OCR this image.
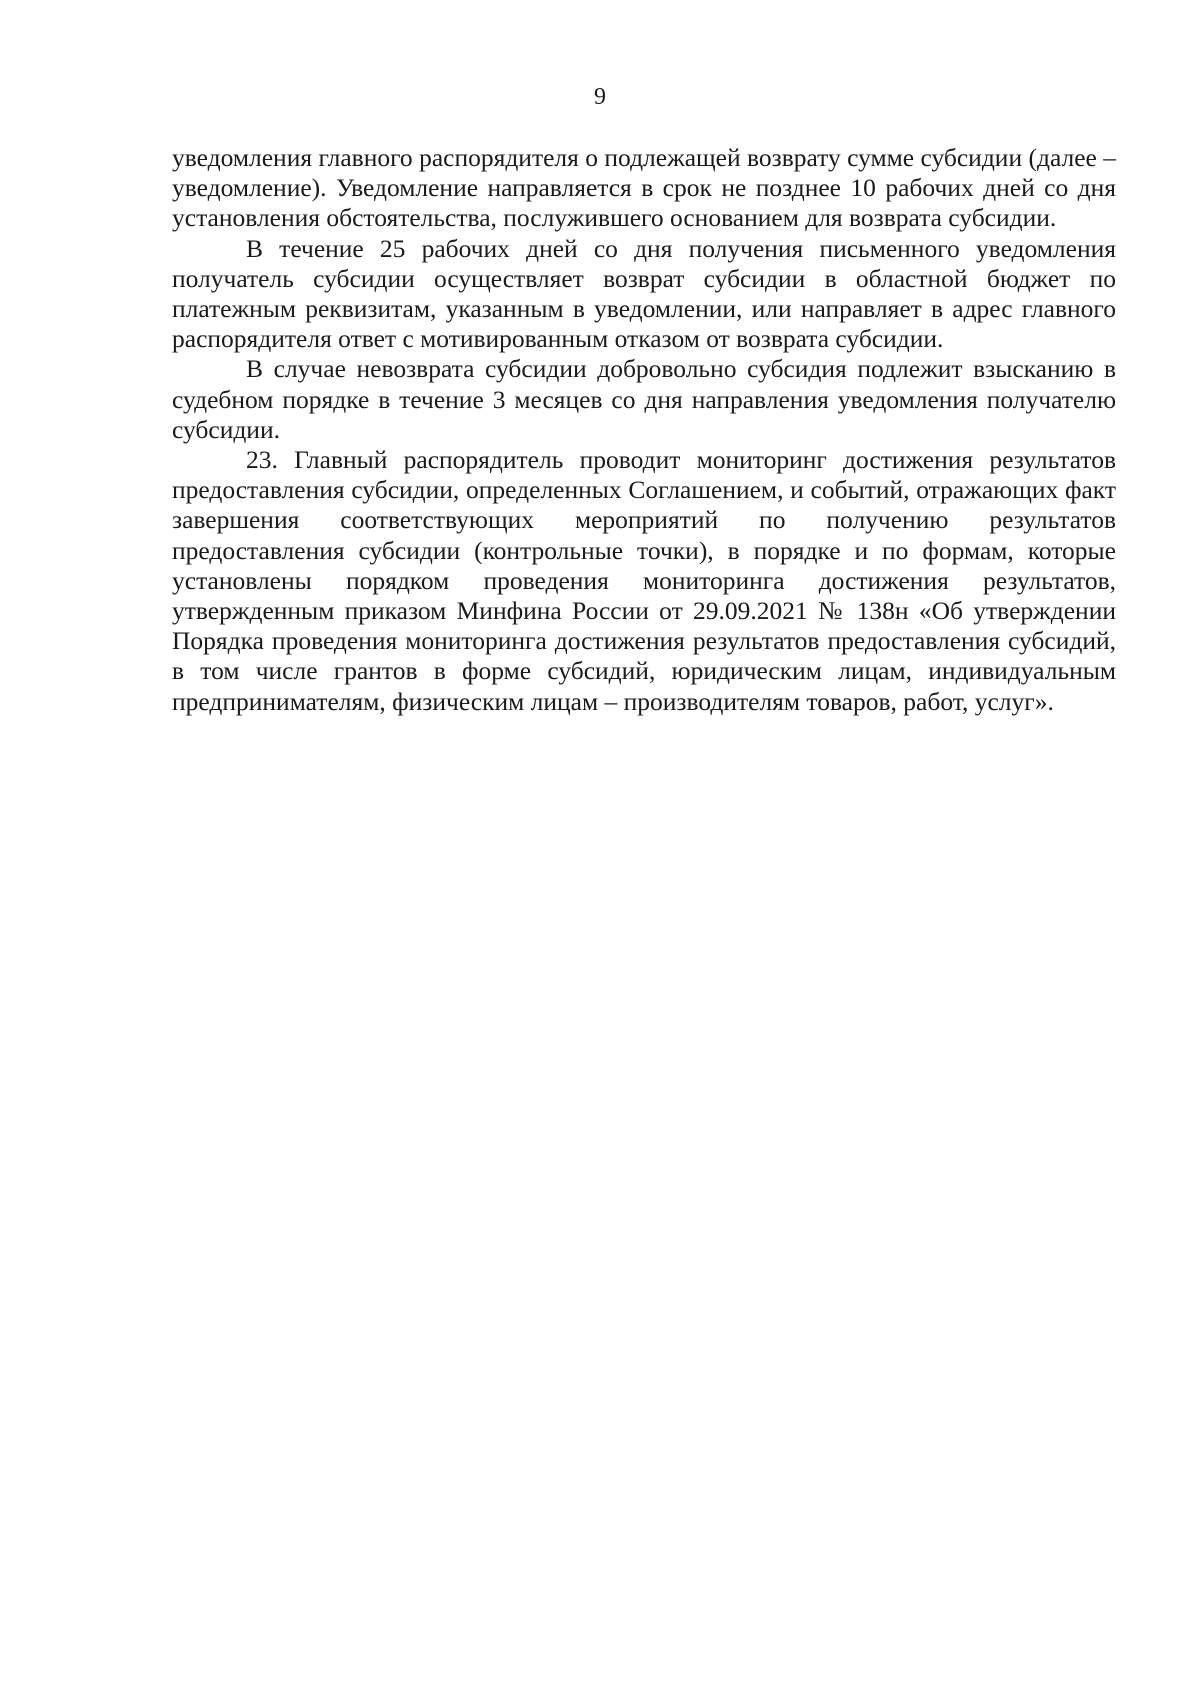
9

уведомления главного распорядителя о подлежащей возврату сумме субсидии (далее – уведомление). Уведомление направляется в срок не позднее 10 рабочих дней со дня установления обстоятельства, послужившего основанием для возврата субсидии.

В течение 25 рабочих дней со дня получения письменного уведомления получатель субсидии осуществляет возврат субсидии в областной бюджет по платежным реквизитам, указанным в уведомлении, или направляет в адрес главного распорядителя ответ с мотивированным отказом от возврата субсидии.

В случае невозврата субсидии добровольно субсидия подлежит взысканию в судебном порядке в течение 3 месяцев со дня направления уведомления получателю субсидии.

23. Главный распорядитель проводит мониторинг достижения результатов предоставления субсидии, определенных Соглашением, и событий, отражающих факт завершения соответствующих мероприятий по получению результатов предоставления субсидии (контрольные точки), в порядке и по формам, которые установлены порядком проведения мониторинга достижения результатов, утвержденным приказом Минфина России от 29.09.2021 № 138н «Об утверждении Порядка проведения мониторинга достижения результатов предоставления субсидий, в том числе грантов в форме субсидий, юридическим лицам, индивидуальным предпринимателям, физическим лицам – производителям товаров, работ, услуг».
